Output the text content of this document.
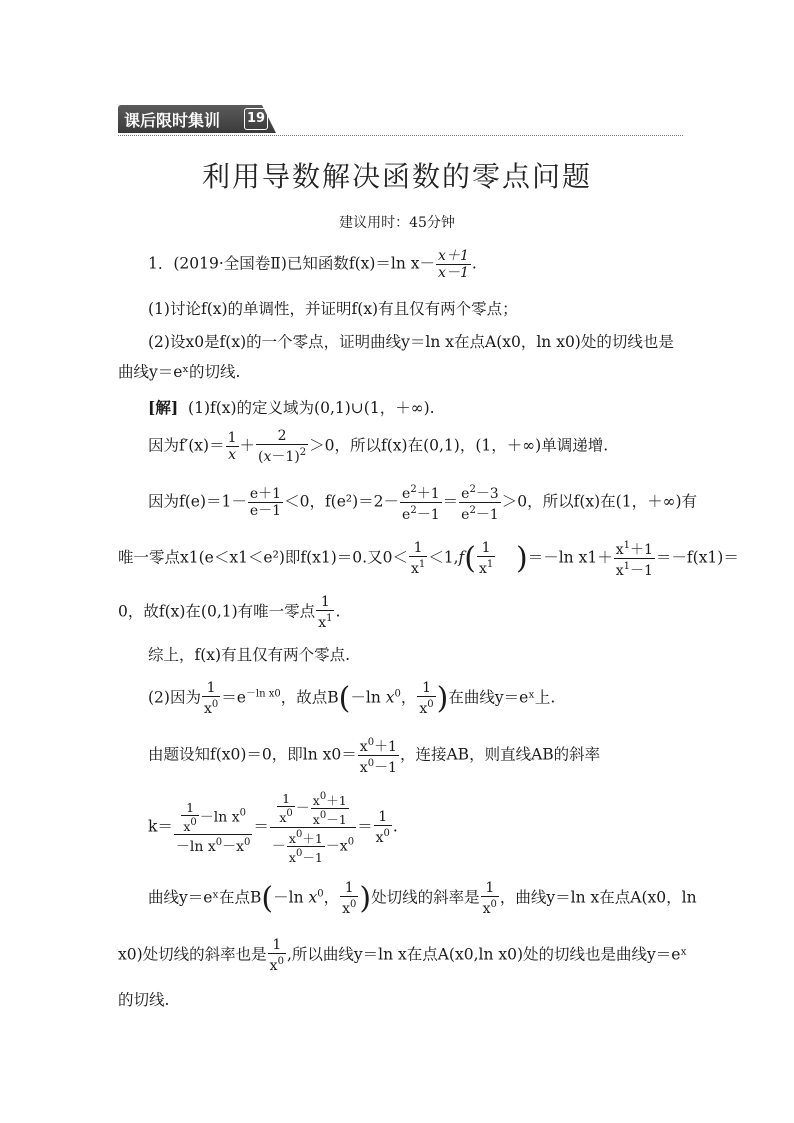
课后限时集训 19
利用导数解决函数的零点问题
建议用时：45分钟
1．(2019·全国卷Ⅱ)已知函数f(x)＝ln $x- \frac{x+1}{x-1}$ .
(1)讨论f(x)的单调性，并证明f(x)有且仅有两个零点；
(2)设x0是f(x)的一个零点，证明曲线y＝ln x在点A(x0，ln x0)处的切线也是
曲线y＝eˣ的切线.
[解] (1)f(x)的定义域为(0,1)∪(1，＋∞).
因为$f'(x)= \frac{1}{x} + \frac{2}{(x-1)^2} >0$，所以f(x)在(0,1)，(1，＋∞)单调递增.
因为$f(e)=1- \frac{e+1}{e-1} <0$，$f(e^2)=2- \frac{e^2+1}{e^2-1} = \frac{e^2-3}{e^2-1} >0$，所以f(x)在(1，＋∞)有
唯一零点x1(e＜x1＜e²)即f(x1)＝0.又$0< \frac{1}{x^1} <1,f( \frac{1}{x^1} )=-\ln$ $x1+ \frac{x^1+1}{x^1-1} =-f(x1)=$
0，故f(x)在(0,1)有唯一零点 $\frac{1}{x^1}$ .
综上，f(x)有且仅有两个零点.
(2)因为 $\frac{1}{x^0} =e^{-ln x0}$，故点B(－ln $x^0$， $\frac{1}{x^0}$ )在曲线y＝eˣ上.
由题设知f(x0)＝0，即$\ln x0= \frac{x^0+1}{x^0-1}$ ，连接AB，则直线AB的斜率
$k= \frac{\frac{1}{x^0} -\ln x^0}{-\ln x^0-x^0} = \frac{\frac{1}{x^0} - \frac{x^0+1}{x^0-1}}{- \frac{x^0+1}{x^0-1} -x^0} = \frac{1}{x^0}$ .
曲线y＝eˣ在点B(－ln $x^0$， $\frac{1}{x^0}$ )处切线的斜率是 $\frac{1}{x^0}$ ，曲线y＝ln x在点A(x0，ln
x0)处切线的斜率也是 $\frac{1}{x^0}$ ,所以曲线y＝ln x在点A(x0,ln x0)处的切线也是曲线y＝eˣ
的切线.
